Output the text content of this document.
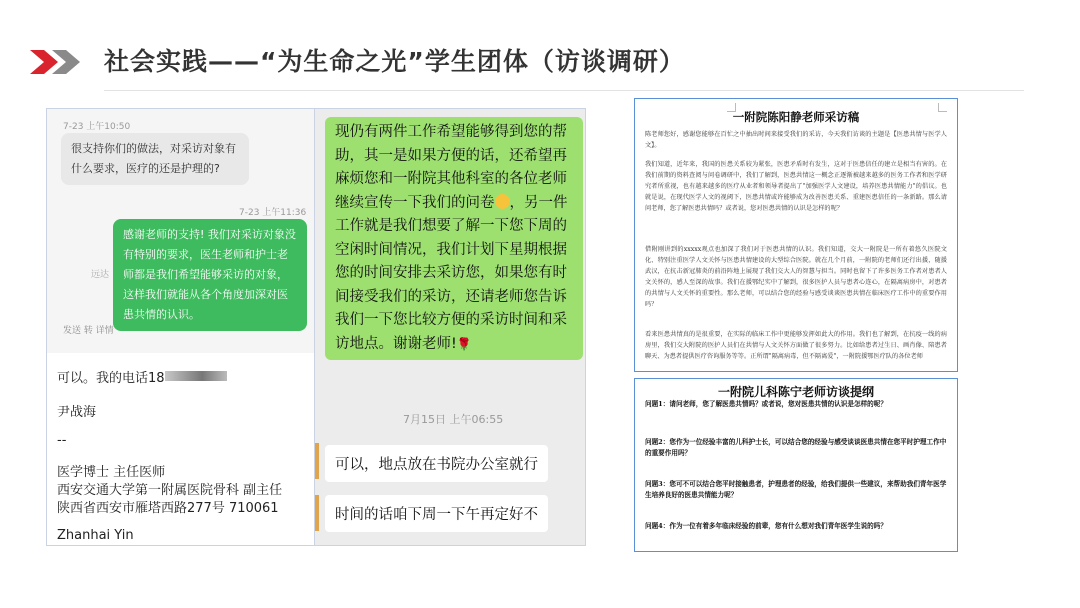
社会实践——“为生命之光”学生团体（访谈调研）
7-23 上午10:50
很支持你们的做法，对采访对象有什么要求，医疗的还是护理的?
7-23 上午11:36
远达
感谢老师的支持! 我们对采访对象没有特别的要求，医生老师和护士老师都是我们希望能够采访的对象，这样我们就能从各个角度加深对医患共情的认识。
发送 转 详情
可以。我的电话18
尹战海
--
医学博士 主任医师
西安交通大学第一附属医院骨科 副主任
陕西省西安市雁塔西路277号 710061
Zhanhai Yin
现仍有两件工作希望能够得到您的帮助，其一是如果方便的话，还希望再麻烦您和一附院其他科室的各位老师继续宣传一下我们的问卷 ，另一件工作就是我们想要了解一下您下周的空闲时间情况，我们计划下星期根据您的时间安排去采访您，如果您有时间接受我们的采访，还请老师您告诉我们一下您比较方便的采访时间和采访地点。谢谢老师!🌹
7月15日 上午06:55
可以，地点放在书院办公室就行
时间的话咱下周一下午再定好不
一附院陈阳静老师采访稿
陈老师您好，感谢您能够在百忙之中抽出时间来接受我们的采访，今天我们访谈的主题是【医患共情与医学人文】。
我们知道，近年来，我国的医患关系较为紧张，医患矛盾时有发生，这对于医患信任的建立是相当有害的。在我们前期的资料查阅与问卷调研中，我们了解到，医患共情这一概念正逐渐被越来越多的医务工作者和医学研究者所重视，也有越来越多的医疗从业者和领导者提出了"加强医学人文建设，培养医患共情能力"的倡议。也就是说，在现代医学人文的视阈下，医患共情或许能够成为改善医患关系、重建医患信任的一条新路。那么请问老师，您了解医患共情吗？或者说，您对医患共情的认识是怎样的呢？
借附刚讲到的xxxxx观点也加深了我们对于医患共情的认识。我们知道，交大一附院是一所有着悠久医院文化、特别注重医学人文关怀与医患共情建设的大型综合医院。就在几个月前，一附院的老师们还行出援，随援武汉，在抗击新冠肺炎的前沿阵地上展现了我们交大人的智慧与担当。同时也留下了许多医务工作者对患者人文关怀的，感人至深的故事。我们在援鄂纪实中了解到，很多医护人员与患者心连心，在隔离病房中，对患者的共情与人文关怀的重要性。那么老师，可以结合您的经验与感受谈谈医患共情在临床医疗工作中的重要作用吗？
看来医患共情真的是很重要，在实际的临床工作中更能够发挥如此大的作用。我们也了解到，在抗疫一线的病房里，我们交大附院的医护人员们在共情与人文关怀方面做了很多努力。比如给患者过生日、画肖像、陪患者聊天、为患者提供医疗咨询服务等等。正所谓"隔离病毒，但不隔离爱"，一附院援鄂医疗队的各位老师
一附院儿科陈宁老师访谈提纲
问题1：请问老师，您了解医患共情吗？或者说，您对医患共情的认识是怎样的呢？
问题2：您作为一位经验丰富的儿科护士长，可以结合您的经验与感受谈谈医患共情在您平时护理工作中的重要作用吗？
问题3：您可不可以结合您平时接触患者，护理患者的经验，给我们提供一些建议，来帮助我们青年医学生培养良好的医患共情能力呢？
问题4：作为一位有着多年临床经验的前辈，您有什么想对我们青年医学生说的吗？
